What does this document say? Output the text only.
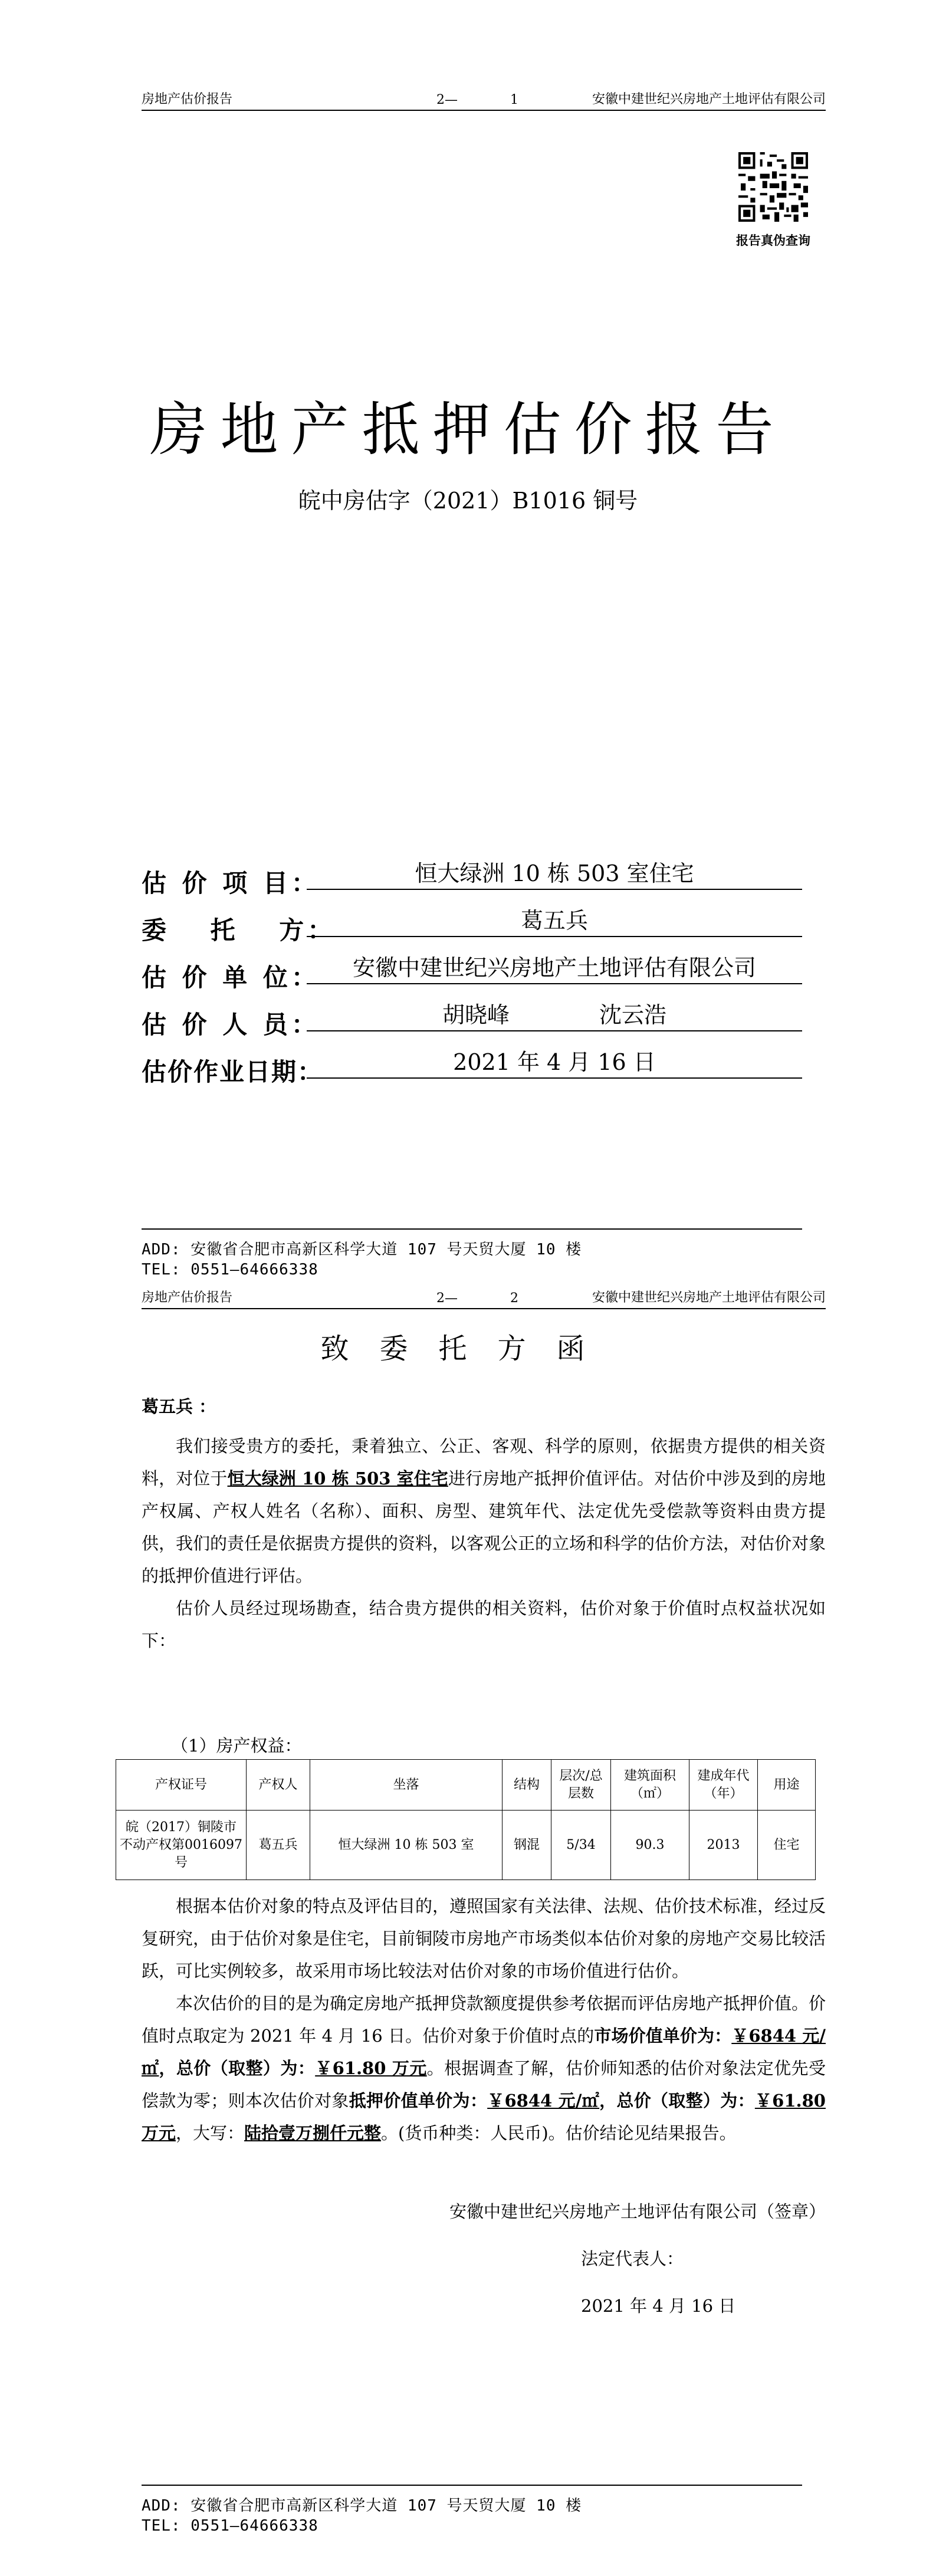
房地产估价报告	2—	1	安徽中建世纪兴房地产土地评估有限公司
报告真伪查询
房地产抵押估价报告
皖中房估字（2021）B1016 铜号
估 价 项 目：	恒大绿洲 10 栋 503 室住宅
委　 托　 方：	葛五兵
估 价 单 位：	安徽中建世纪兴房地产土地评估有限公司
估 价 人 员：	胡晓峰　　　　沈云浩
估价作业日期：	2021 年 4 月 16 日
ADD: 安徽省合肥市高新区科学大道 107 号天贸大厦 10 楼
TEL: 0551—64666338
房地产估价报告	2—	2	安徽中建世纪兴房地产土地评估有限公司
致委托方函
葛五兵 ：

我们接受贵方的委托，秉着独立、公正、客观、科学的原则，依据贵方提供的相关资料，对位于恒大绿洲 10 栋 503 室住宅进行房地产抵押价值评估。对估价中涉及到的房地产权属、产权人姓名（名称）、面积、房型、建筑年代、法定优先受偿款等资料由贵方提供，我们的责任是依据贵方提供的资料，以客观公正的立场和科学的估价方法，对估价对象的抵押价值进行评估。

估价人员经过现场勘查，结合贵方提供的相关资料，估价对象于价值时点权益状况如下：

（1）房产权益：
产权证号	产权人	坐落	结构	层次/总层数	建筑面积（㎡）	建成年代（年）	用途
皖（2017）铜陵市不动产权第0016097号	葛五兵	恒大绿洲 10 栋 503 室	钢混	5/34	90.3	2013	住宅

根据本估价对象的特点及评估目的，遵照国家有关法律、法规、估价技术标准，经过反复研究，由于估价对象是住宅，目前铜陵市房地产市场类似本估价对象的房地产交易比较活跃，可比实例较多，故采用市场比较法对估价对象的市场价值进行估价。

本次估价的目的是为确定房地产抵押贷款额度提供参考依据而评估房地产抵押价值。价值时点取定为 2021 年 4 月 16 日。估价对象于价值时点的市场价值单价为：￥6844 元/㎡，总价（取整）为：￥61.80 万元。根据调查了解，估价师知悉的估价对象法定优先受偿款为零；则本次估价对象抵押价值单价为：￥6844 元/㎡，总价（取整）为：￥61.80 万元，大写：陆拾壹万捌仟元整。(货币种类：人民币)。估价结论见结果报告。

安徽中建世纪兴房地产土地评估有限公司（签章）
法定代表人：
2021 年 4 月 16 日
ADD: 安徽省合肥市高新区科学大道 107 号天贸大厦 10 楼
TEL: 0551—64666338
